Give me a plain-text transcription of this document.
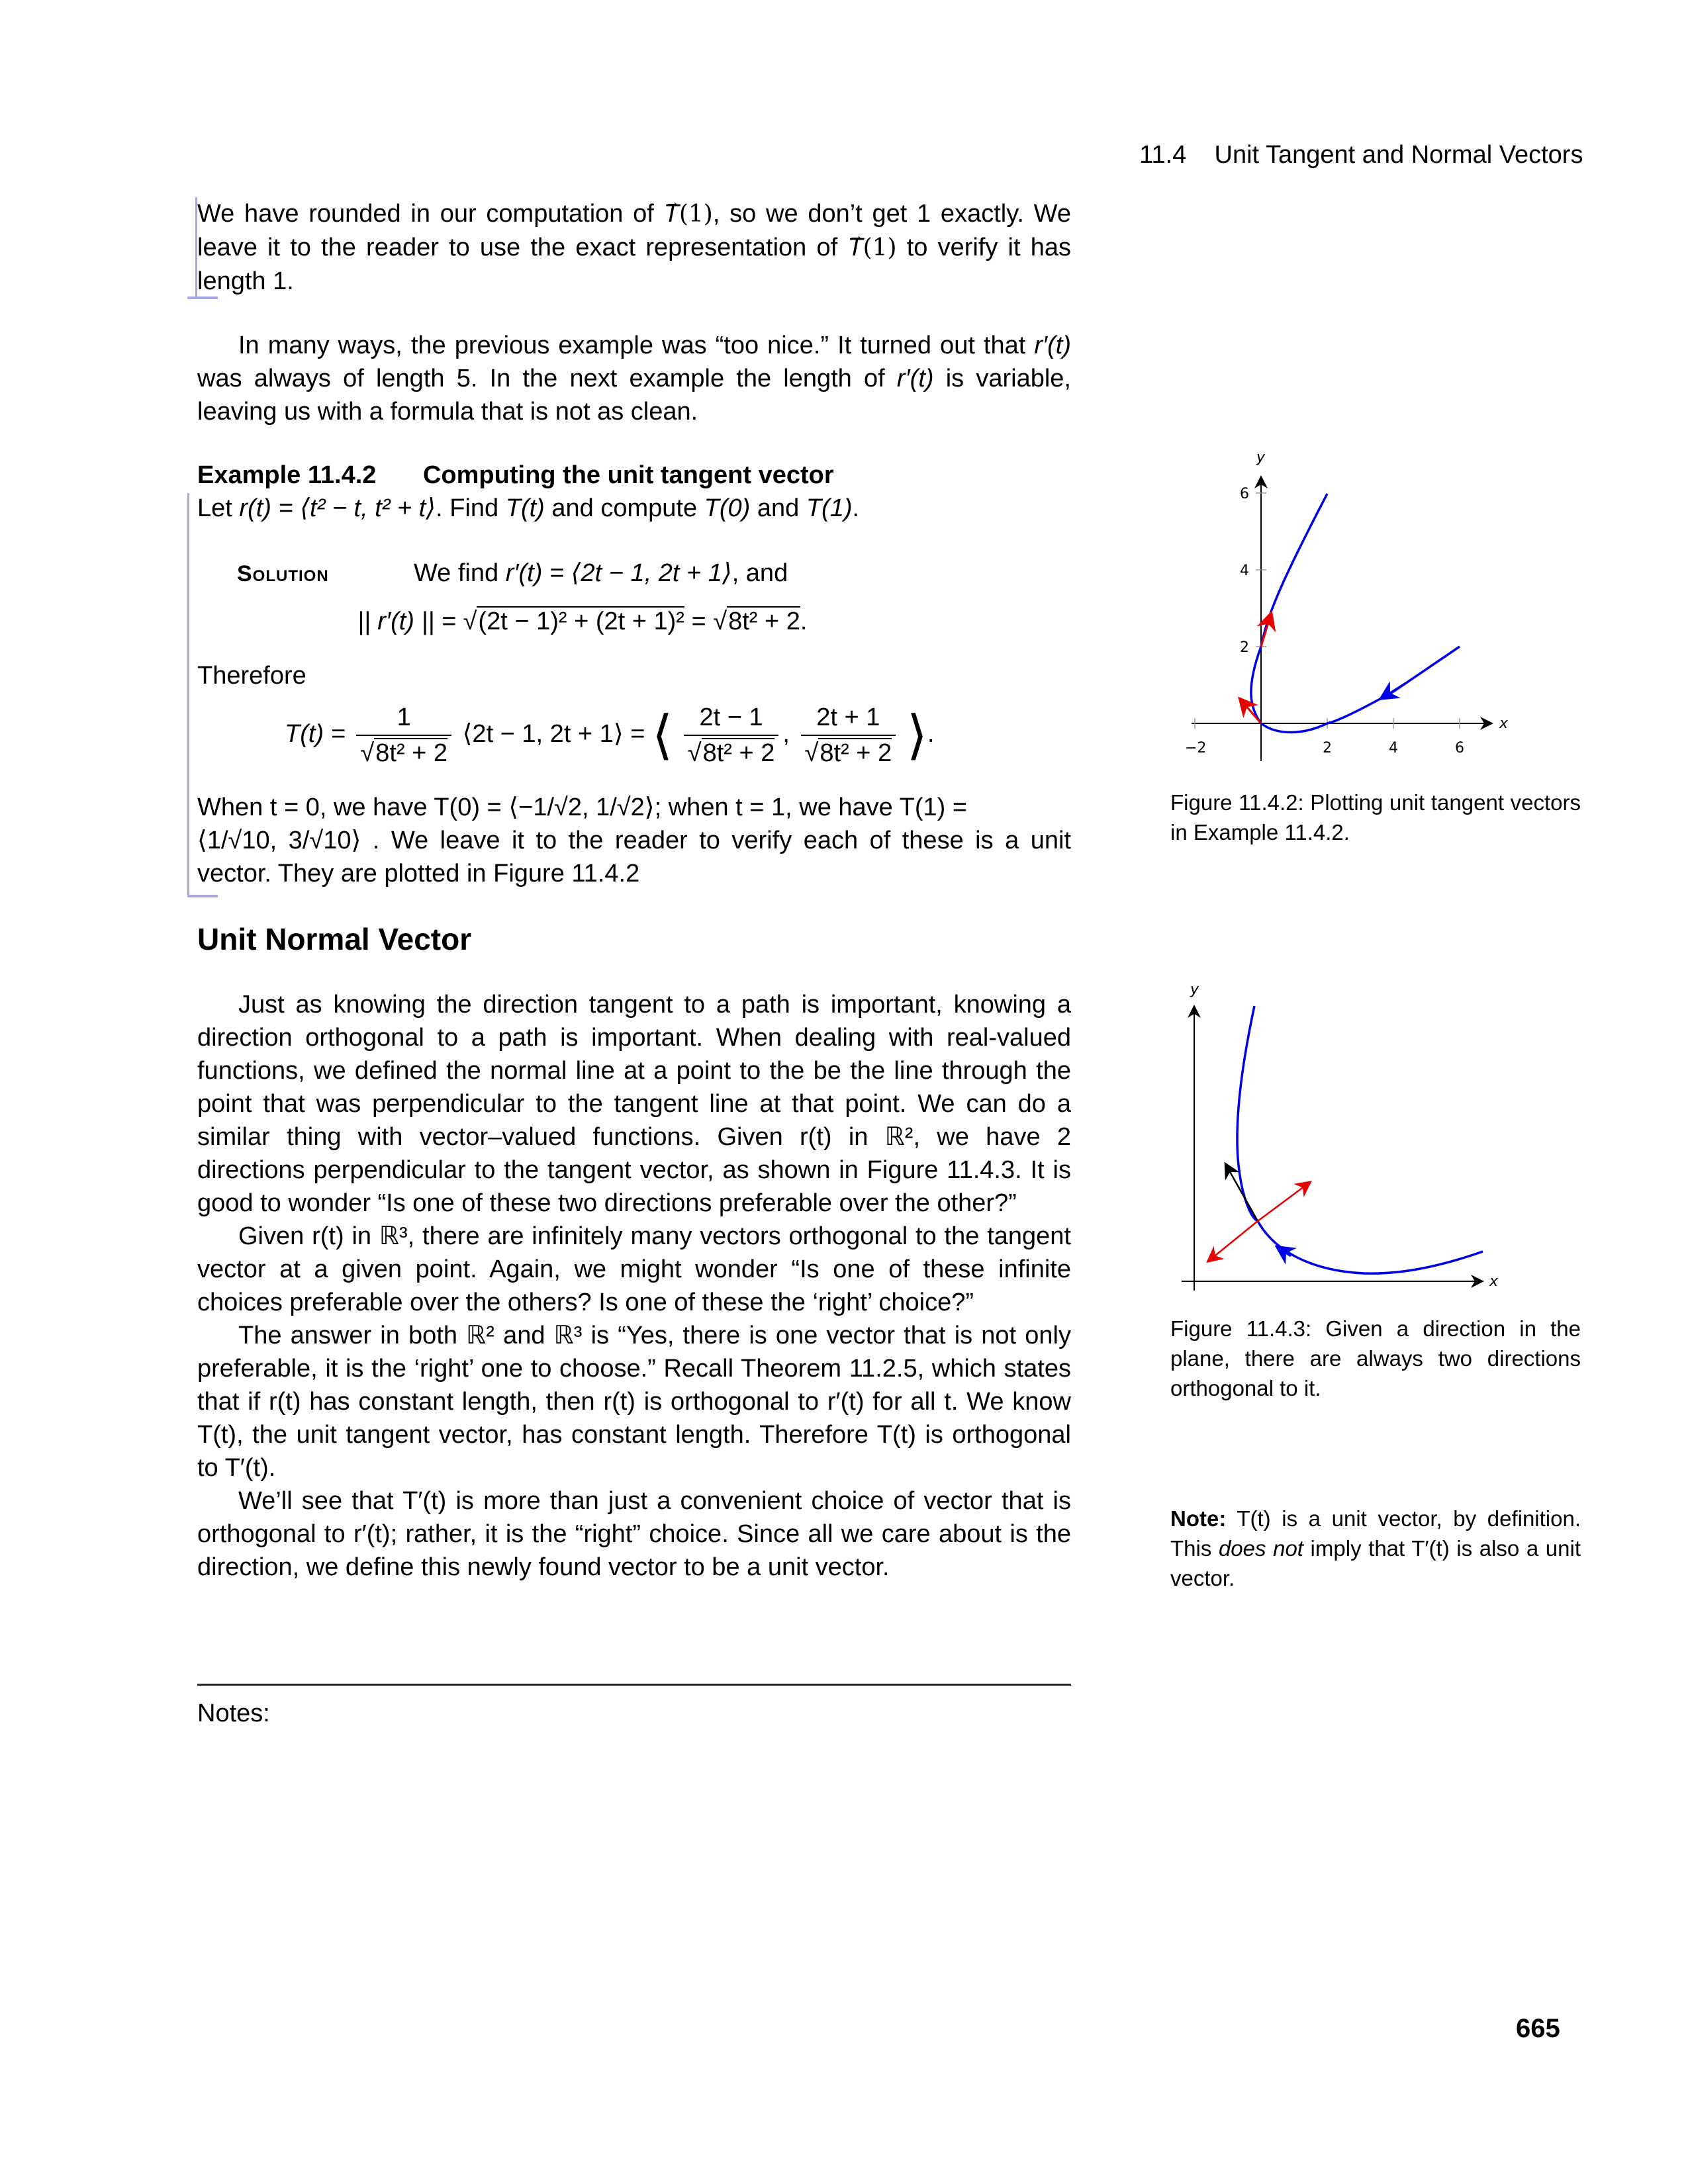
11.4 Unit Tangent and Normal Vectors

We have rounded in our computation of → T(1), so we don’t get 1 exactly. We leave it to the reader to use the exact representation of → T(1) to verify it has length 1.

In many ways, the previous example was “too nice.” It turned out that r′(t) was always of length 5. In the next example the length of r′(t) is variable, leaving us with a formula that is not as clean.

Example 11.4.2 Computing the unit tangent vector
Let r(t) = ⟨t² − t, t² + t⟩. Find T(t) and compute T(0) and T(1).
Solution	We find r′(t) = ⟨2t − 1, 2t + 1⟩, and
|| r′(t) || = √(2t − 1)² + (2t + 1)² = √8t² + 2.
Therefore
$T(t) = \frac{1}{\text{√8t² + 2}}$ ⟨2t − 1, 2t + 1⟩ = ⟨ $\frac{2t - 1}{\text{√8t² + 2}}$ , $\frac{2t + 1}{\text{√8t² + 2}}$ ⟩.

When t = 0, we have T(0) = ⟨−1/√2, 1/√2⟩; when t = 1, we have T(1) =

⟨1/√10, 3/√10⟩ . We leave it to the reader to verify each of these is a unit vector. They are plotted in Figure 11.4.2

Unit Normal Vector

Just as knowing the direction tangent to a path is important, knowing a direction orthogonal to a path is important. When dealing with real-valued functions, we defined the normal line at a point to the be the line through the point that was perpendicular to the tangent line at that point. We can do a similar thing with vector–valued functions. Given r(t) in ℝ², we have 2 directions perpendicular to the tangent vector, as shown in Figure 11.4.3. It is good to wonder “Is one of these two directions preferable over the other?”

Given r(t) in ℝ³, there are infinitely many vectors orthogonal to the tangent vector at a given point. Again, we might wonder “Is one of these infinite choices preferable over the others? Is one of these the ‘right’ choice?”

The answer in both ℝ² and ℝ³ is “Yes, there is one vector that is not only preferable, it is the ‘right’ one to choose.” Recall Theorem 11.2.5, which states that if r(t) has constant length, then r(t) is orthogonal to r′(t) for all t. We know T(t), the unit tangent vector, has constant length. Therefore T(t) is orthogonal to T′(t).

We’ll see that T′(t) is more than just a convenient choice of vector that is orthogonal to r′(t); rather, it is the “right” choice. Since all we care about is the direction, we define this newly found vector to be a unit vector.

Notes:
−2	2	4	6
2
4
6
x
y
Figure 11.4.2: Plotting unit tangent vectors in Example 11.4.2.
x
y
Figure 11.4.3: Given a direction in the plane, there are always two directions orthogonal to it.
Note: T(t) is a unit vector, by definition. This does not imply that T′(t) is also a unit vector.
665
